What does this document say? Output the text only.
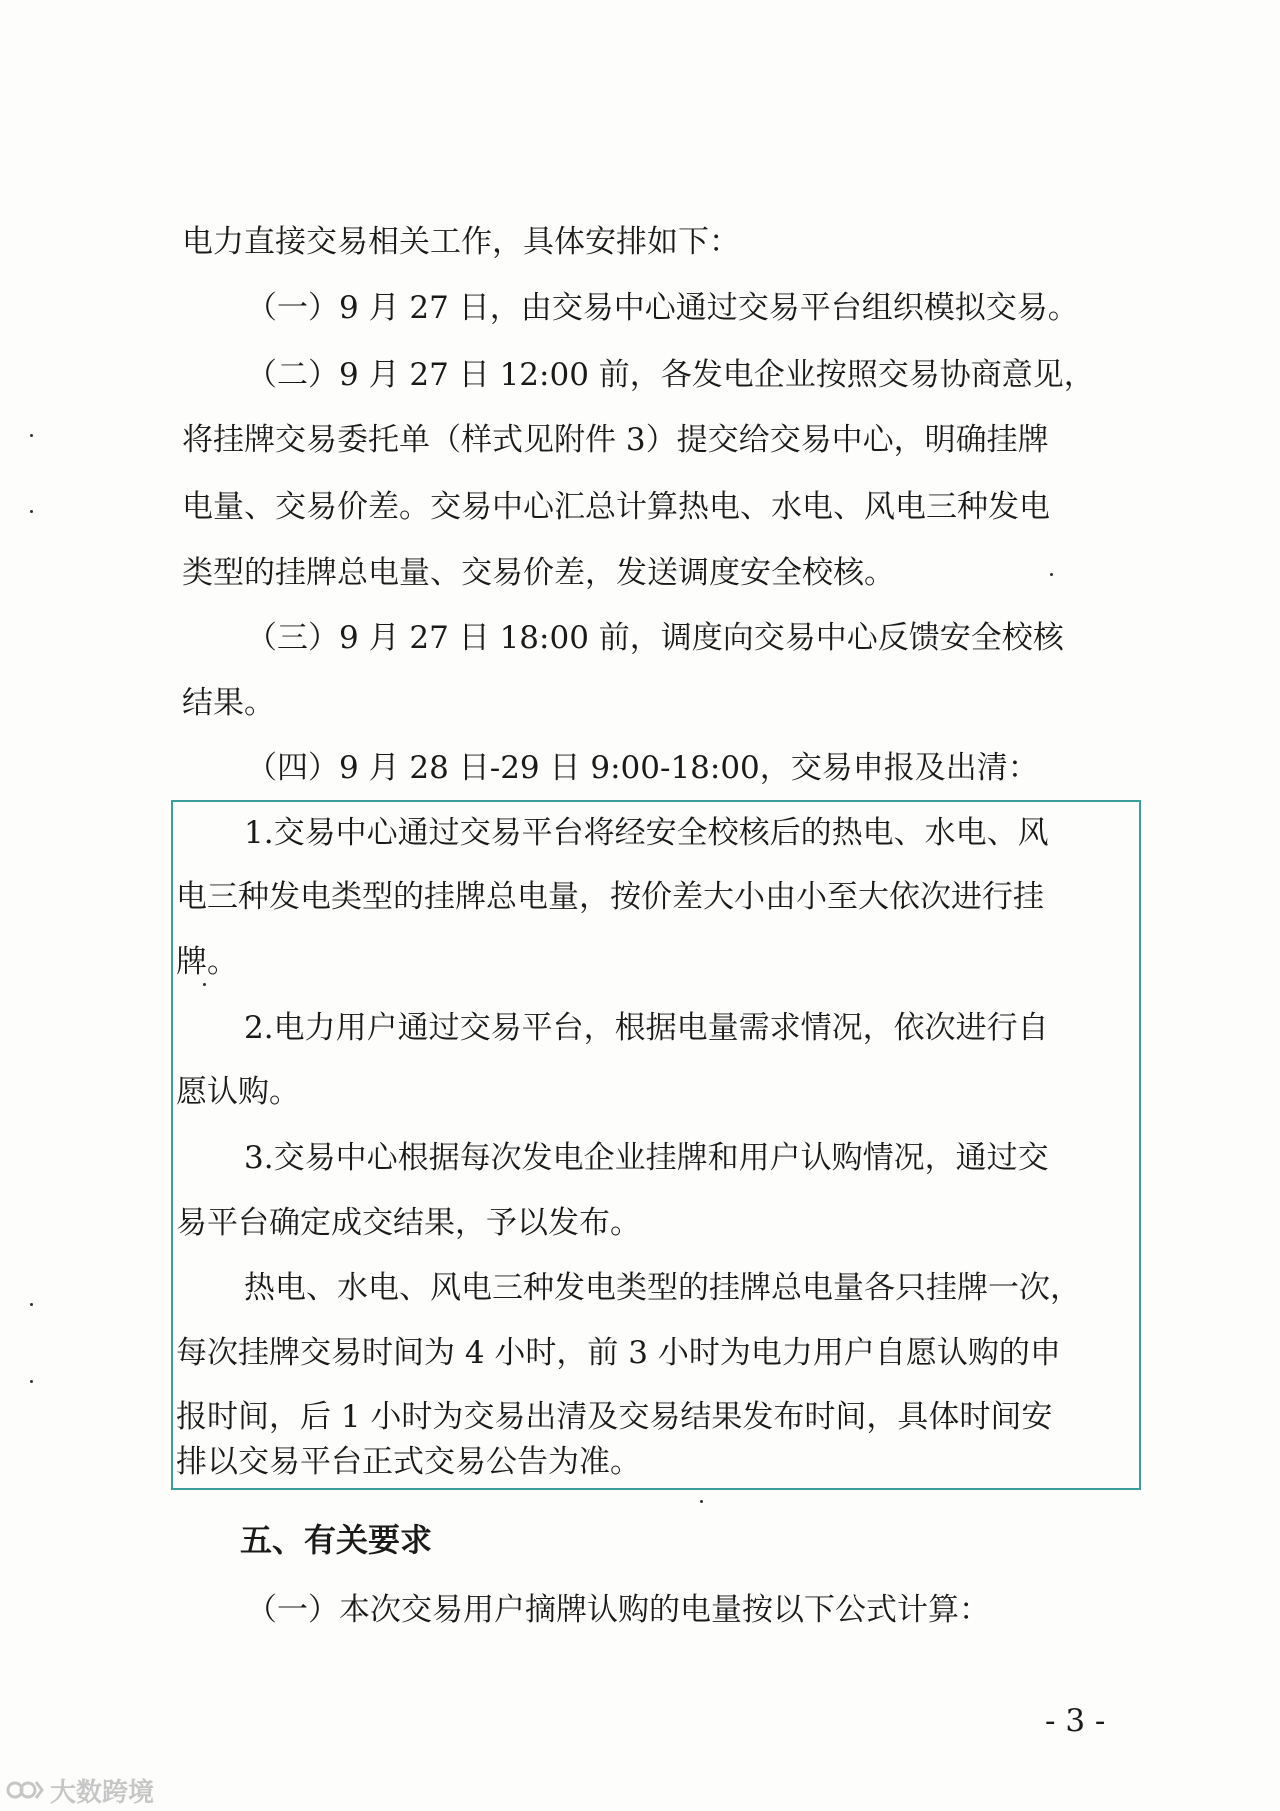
电力直接交易相关工作，具体安排如下：
（一）9 月 27 日，由交易中心通过交易平台组织模拟交易。
（二）9 月 27 日 12:00 前，各发电企业按照交易协商意见，
将挂牌交易委托单（样式见附件 3）提交给交易中心，明确挂牌
电量、交易价差。交易中心汇总计算热电、水电、风电三种发电
类型的挂牌总电量、交易价差，发送调度安全校核。
（三）9 月 27 日 18:00 前，调度向交易中心反馈安全校核
结果。
（四）9 月 28 日-29 日 9:00-18:00，交易申报及出清：
1.交易中心通过交易平台将经安全校核后的热电、水电、风
电三种发电类型的挂牌总电量，按价差大小由小至大依次进行挂
牌。
2.电力用户通过交易平台，根据电量需求情况，依次进行自
愿认购。
3.交易中心根据每次发电企业挂牌和用户认购情况，通过交
易平台确定成交结果，予以发布。
热电、水电、风电三种发电类型的挂牌总电量各只挂牌一次，
每次挂牌交易时间为 4 小时，前 3 小时为电力用户自愿认购的申
报时间，后 1 小时为交易出清及交易结果发布时间，具体时间安
排以交易平台正式交易公告为准。
五、有关要求
（一）本次交易用户摘牌认购的电量按以下公式计算：
- 3 -
大数跨境
